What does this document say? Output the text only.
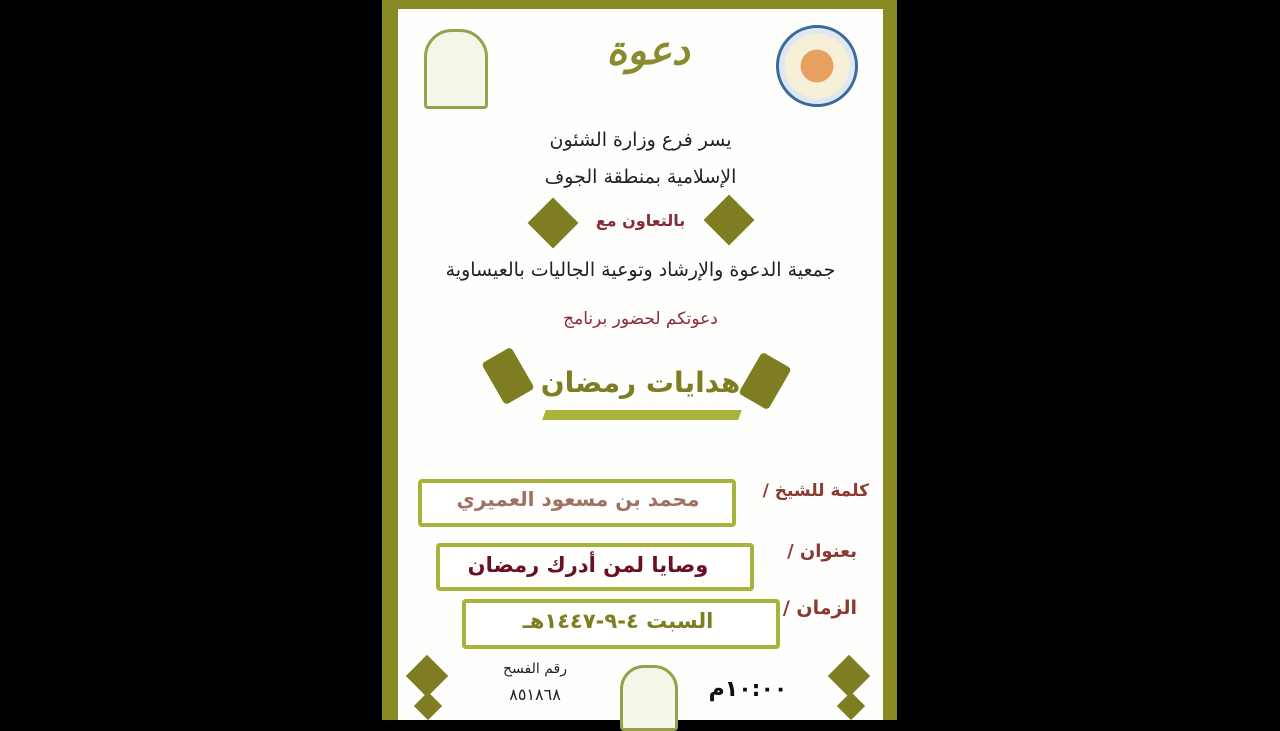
دعوة
يسر فرع وزارة الشئون
الإسلامية بمنطقة الجوف
بالتعاون مع
جمعية الدعوة والإرشاد وتوعية الجاليات بالعيساوية
دعوتكم لحضور برنامج
هدايات رمضان
محمد بن مسعود العميري	كلمة للشيخ /
وصايا لمن أدرك رمضان
بعنوان /
السبت ٤-٩-١٤٤٧هـ
الزمان /
رقم الفسح
٨٥١٨٦٨	١٠:٠٠م
